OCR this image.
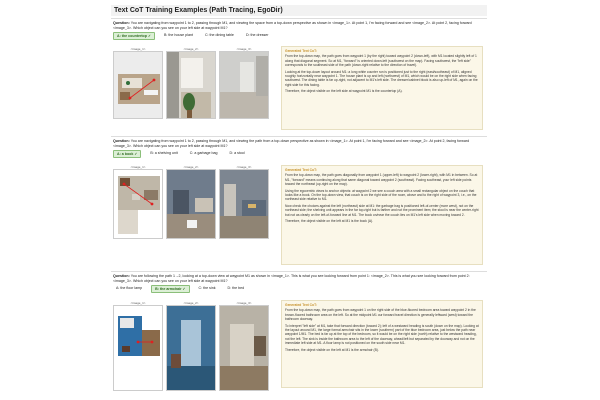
Text CoT Training Examples (Path Tracing, EgoDir)
Question: You are navigating from waypoint 1 to 2, passing through M1, and viewing the space from a top-down perspective as shown in <image_1>. At point 1, I'm facing forward and see <image_2>. At point 2, facing forward <image_3>. Which object can you see on your left side at waypoint M1?
A: the countertop ✓	B: the house plant	C: the dining table	D: the dresser
<image_1>	<image_2>	<image_3>	Generated Text CoT:

From the top-down map, the path goes from waypoint 1 (by the right) toward waypoint 2 (down-left), with M1 located slightly left of 1 along that diagonal segment. So at M1, "forward" is oriented down-left (southwest on the map). Facing southwest, the "left side" corresponds to the southeast side of the path (down-right relative to the direction of travel).

Looking at the top-down layout around M1: a long white counter run is positioned just to the right (east/southeast) of M1, aligned roughly horizontally near waypoint 1. The house plant is up and left (northwest) of M1, which would be on the right side when facing southwest. The dining table is far up-right, not adjacent to M1's left side. The dresser/cabinet block is also up-left of M1, again on the right side for this facing.

Therefore, the object visible on the left side at waypoint M1 is the countertop (A).

Question: You are navigating from waypoint 1 to 2, passing through M1, and viewing the path from a top-down perspective as shown in <image_1>. At point 1, I'm facing forward and see <image_2>. At point 2, facing forward <image_3>. Which object can you see on your left side at waypoint M1?
A: a book ✓	B: a shelving unit	C: a garbage bag	D: a stool
<image_1>	<image_2>	<image_3>
Generated Text CoT:

From the top-down map, the path goes diagonally from waypoint 1 (upper-left) to waypoint 2 (lower-right), with M1 in between. So at M1, "forward" means continuing along that same diagonal toward waypoint 2 (southeast). Facing southeast, your left side points toward the northeast (up-right on the map).

Using the egocentric views to anchor objects: at waypoint 2 we see a couch area with a small rectangular object on the couch that looks like a book. On the top-down view, that couch is on the right side of the room, above and to the right of waypoint 3, i.e., on the northeast side relative to M1.

Now check the choices against the left (northeast) side at M1: the garbage bag is positioned left-of-center (more west), not on the northeast side; the shelving unit appears in the far top-right but is farther and not the prominent item; the stool is near the center-right but not as clearly on the left-of-forward line at M1. The book on/near the couch lies on M1's left side when moving toward 2.

Therefore, the object visible on the left at M1 is the book (A).

Question: You are following the path 1→2, looking at a top-down view at waypoint M1 as shown in <image_1>. This is what you see looking forward from point 1: <image_2>. This is what you see looking forward from point 2: <image_3>. Which object can you see on your left side at waypoint M1?
A: the floor lamp	B: the armchair ✓	C: the sink	D: the bed
<image_1>	<image_2>	<image_3>	Generated Text CoT:

From the top-down map, the path goes from waypoint 1 on the right side of the blue-floored bedroom area toward waypoint 2 in the brown-floored bathroom area on the left. So at the midpoint M1 our forward travel direction is generally leftward (west) toward the bathroom doorway.

To interpret "left side" at M1, take that forward direction (toward 2); left of a westward heading is south (down on the map). Looking at the layout around M1, the large formal armchair sits in the lower (southern) part of the blue bedroom area, just below the path near waypoint 1/M1. The bed is far up at the top of the bedroom, so it would be on the right side (north) relative to the westward heading, not the left. The sink is inside the bathroom area to the left of the doorway, ahead/left but separated by the doorway and not on the immediate left side at M1. A floor lamp is not positioned on the south side near M1.

Therefore, the object visible on the left at M1 is the armchair (B).
